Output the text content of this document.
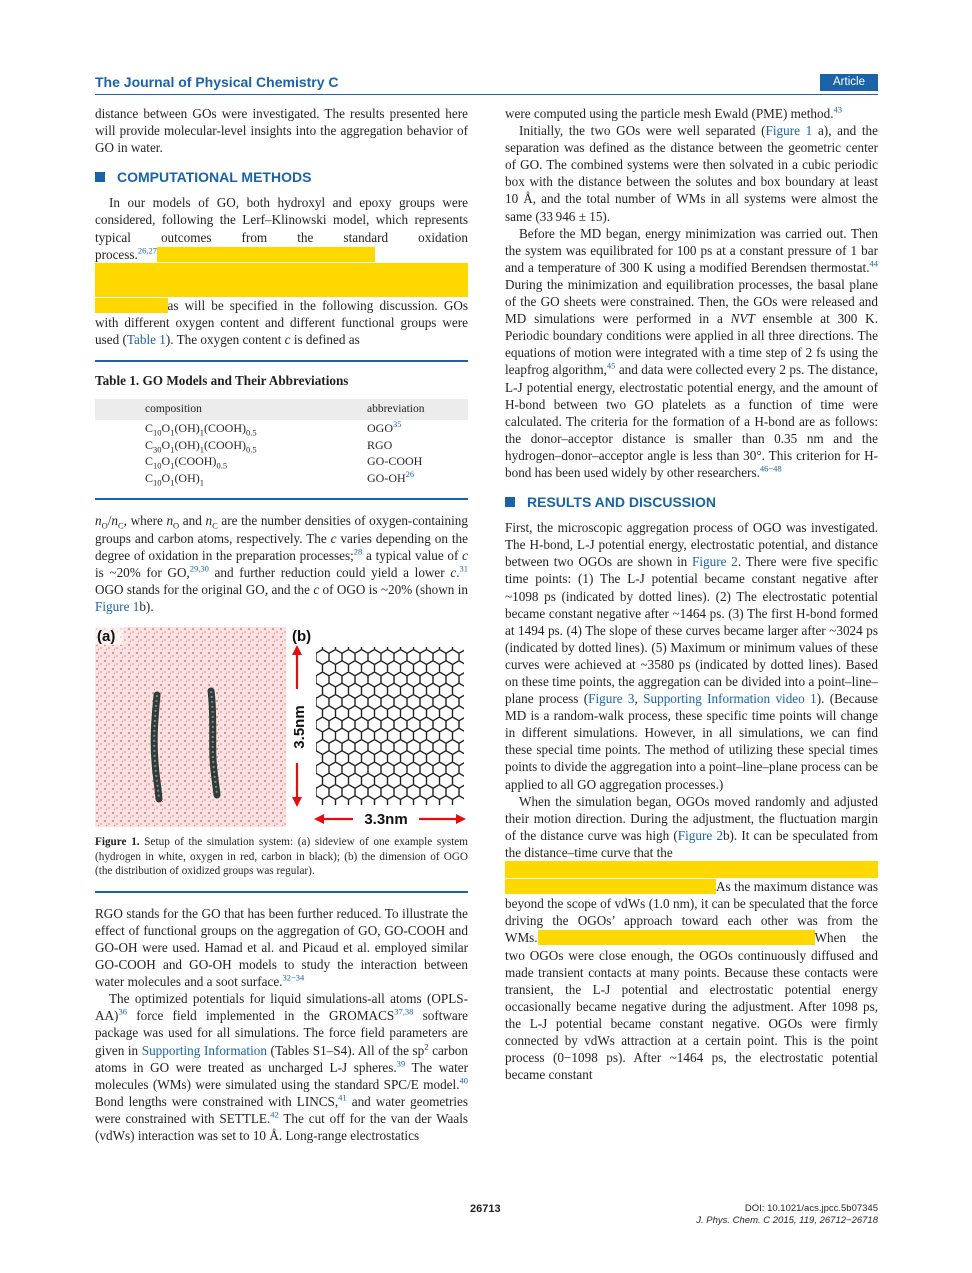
The Journal of Physical Chemistry C	Article

distance between GOs were investigated. The results presented here will provide molecular-level insights into the aggregation behavior of GO in water.

COMPUTATIONAL METHODS

In our models of GO, both hydroxyl and epoxy groups were considered, following the Lerf–Klinowski model, which represents typical outcomes from the standard oxidation process.$^{26,27}$                                 
           as will be specified in the following discussion. GOs with different oxygen content and different functional groups were used (Table 1). The oxygen content c is defined as

Table 1. GO Models and Their Abbreviations
composition	abbreviation
$C_{10}O_1(OH)_1(COOH)_{0.5}$	OGO$^{35}$
$C_{30}O_1(OH)_1(COOH)_{0.5}$	RGO
$C_{10}O_1(COOH)_{0.5}$	GO-COOH
$C_{10}O_1(OH)_1$	GO-OH$^{26}$

$n_O/n_C$, where $n_O$ and $n_C$ are the number densities of oxygen-containing groups and carbon atoms, respectively. The c varies depending on the degree of oxidation in the preparation processes;$^{28}$ a typical value of c is ~20% for GO,$^{29,30}$ and further reduction could yield a lower c.$^{31}$ OGO stands for the original GO, and the c of OGO is ~20% (shown in Figure 1b).

(a)	(b)
3.5nm
3.3nm
Figure 1. Setup of the simulation system: (a) sideview of one example system (hydrogen in white, oxygen in red, carbon in black); (b) the dimension of OGO (the distribution of oxidized groups was regular).

RGO stands for the GO that has been further reduced. To illustrate the effect of functional groups on the aggregation of GO, GO-COOH and GO-OH were used. Hamad et al. and Picaud et al. employed similar GO-COOH and GO-OH models to study the interaction between water molecules and a soot surface.$^{32-34}$

The optimized potentials for liquid simulations-all atoms (OPLS-AA)$^{36}$ force field implemented in the GROMACS$^{37,38}$ software package was used for all simulations. The force field parameters are given in Supporting Information (Tables S1–S4). All of the $sp^2$ carbon atoms in GO were treated as uncharged L-J spheres.$^{39}$ The water molecules (WMs) were simulated using the standard SPC/E model.$^{40}$ Bond lengths were constrained with LINCS,$^{41}$ and water geometries were constrained with SETTLE.$^{42}$ The cut off for the van der Waals (vdWs) interaction was set to 10 Å. Long-range electrostatics

were computed using the particle mesh Ewald (PME) method.$^{43}$

Initially, the two GOs were well separated (Figure 1 a), and the separation was defined as the distance between the geometric center of GO. The combined systems were then solvated in a cubic periodic box with the distance between the solutes and box boundary at least 10 Å, and the total number of WMs in all systems were almost the same (33 946 ± 15).

Before the MD began, energy minimization was carried out. Then the system was equilibrated for 100 ps at a constant pressure of 1 bar and a temperature of 300 K using a modified Berendsen thermostat.$^{44}$ During the minimization and equilibration processes, the basal plane of the GO sheets were constrained. Then, the GOs were released and MD simulations were performed in a NVT ensemble at 300 K. Periodic boundary conditions were applied in all three directions. The equations of motion were integrated with a time step of 2 fs using the leapfrog algorithm,$^{45}$ and data were collected every 2 ps. The distance, L-J potential energy, electrostatic potential energy, and the amount of H-bond between two GO platelets as a function of time were calculated. The criteria for the formation of a H-bond are as follows: the donor–acceptor distance is smaller than 0.35 nm and the hydrogen–donor–acceptor angle is less than 30°. This criterion for H-bond has been used widely by other researchers.$^{46-48}$

RESULTS AND DISCUSSION

First, the microscopic aggregation process of OGO was investigated. The H-bond, L-J potential energy, electrostatic potential, and distance between two OGOs are shown in Figure 2. There were five specific time points: (1) The L-J potential became constant negative after ~1098 ps (indicated by dotted lines). (2) The electrostatic potential became constant negative after ~1464 ps. (3) The first H-bond formed at 1494 ps. (4) The slope of these curves became larger after ~3024 ps (indicated by dotted lines). (5) Maximum or minimum values of these curves were achieved at ~3580 ps (indicated by dotted lines). Based on these time points, the aggregation can be divided into a point–line–plane process (Figure 3, Supporting Information video 1). (Because MD is a random-walk process, these specific time points will change in different simulations. However, in all simulations, we can find these special time points. The method of utilizing these special times points to divide the aggregation into a point–line–plane process can be applied to all GO aggregation processes.)

When the simulation began, OGOs moved randomly and adjusted their motion direction. During the adjustment, the fluctuation margin of the distance curve was high (Figure 2b). It can be speculated from the distance–time curve that the
                                As the maximum distance was beyond the scope of vdWs (1.0 nm), it can be speculated that the force driving the OGOs’ approach toward each other was from the WMs.                                          	When the two OGOs were close enough, the OGOs continuously diffused and made transient contacts at many points. Because these contacts were transient, the L-J potential and electrostatic potential energy occasionally became negative during the adjustment. After 1098 ps, the L-J potential became constant negative. OGOs were firmly connected by vdWs attraction at a certain point. This is the point process (0−1098 ps). After ~1464 ps, the electrostatic potential became constant

26713	DOI: 10.1021/acs.jpcc.5b07345
J. Phys. Chem. C 2015, 119, 26712−26718
